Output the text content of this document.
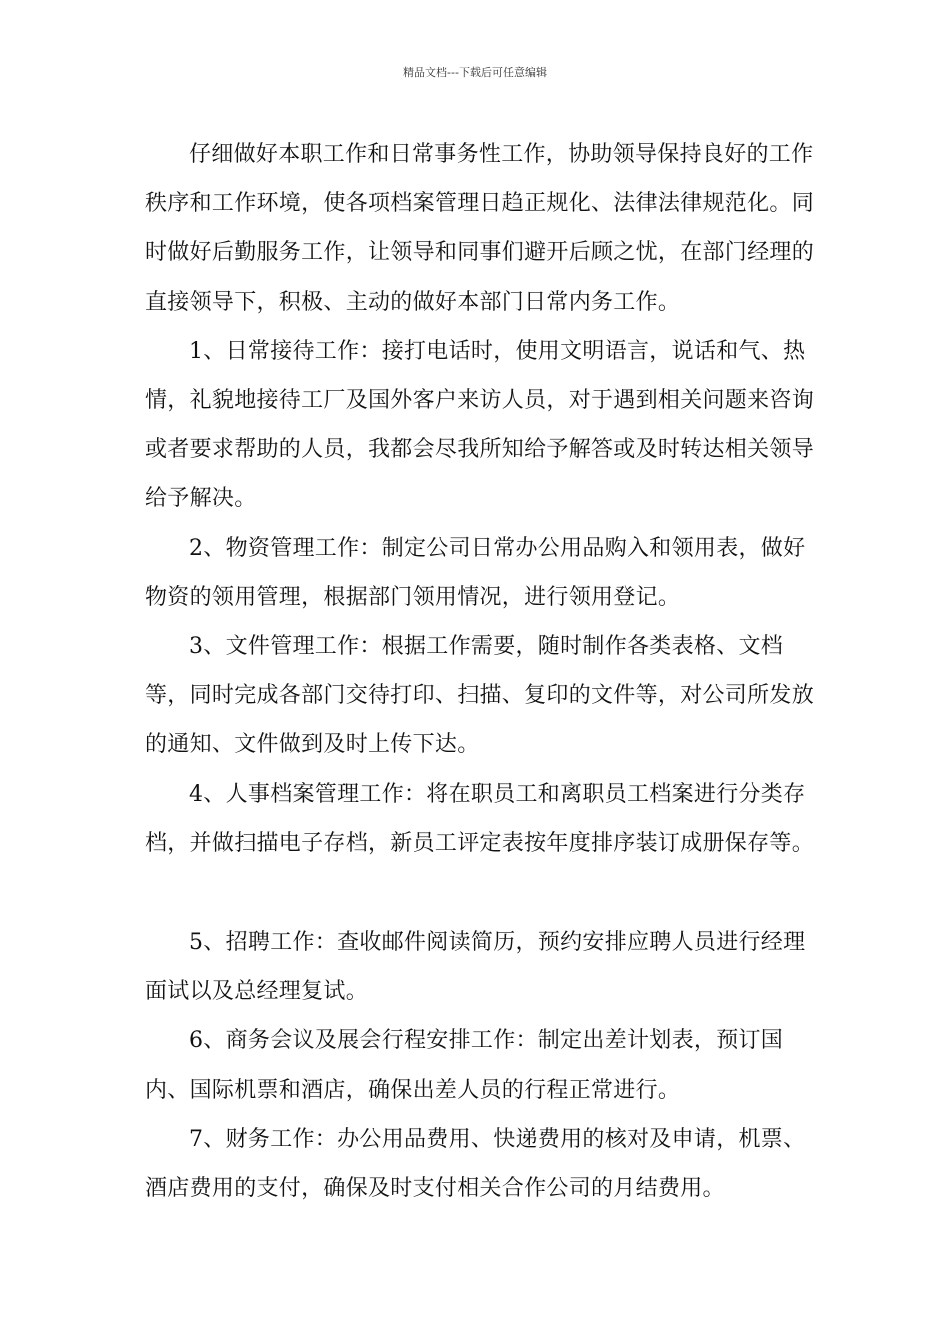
精品文档---下载后可任意编辑

仔细做好本职工作和日常事务性工作，协助领导保持良好的工作秩序和工作环境，使各项档案管理日趋正规化、法律法律规范化。同时做好后勤服务工作，让领导和同事们避开后顾之忧，在部门经理的直接领导下，积极、主动的做好本部门日常内务工作。

1、日常接待工作：接打电话时，使用文明语言，说话和气、热情，礼貌地接待工厂及国外客户来访人员，对于遇到相关问题来咨询或者要求帮助的人员，我都会尽我所知给予解答或及时转达相关领导给予解决。

2、物资管理工作：制定公司日常办公用品购入和领用表，做好物资的领用管理，根据部门领用情况，进行领用登记。

3、文件管理工作：根据工作需要，随时制作各类表格、文档等，同时完成各部门交待打印、扫描、复印的文件等，对公司所发放的通知、文件做到及时上传下达。

4、人事档案管理工作：将在职员工和离职员工档案进行分类存档，并做扫描电子存档，新员工评定表按年度排序装订成册保存等。

5、招聘工作：查收邮件阅读简历，预约安排应聘人员进行经理面试以及总经理复试。

6、商务会议及展会行程安排工作：制定出差计划表，预订国内、国际机票和酒店，确保出差人员的行程正常进行。

7、财务工作：办公用品费用、快递费用的核对及申请，机票、酒店费用的支付，确保及时支付相关合作公司的月结费用。
